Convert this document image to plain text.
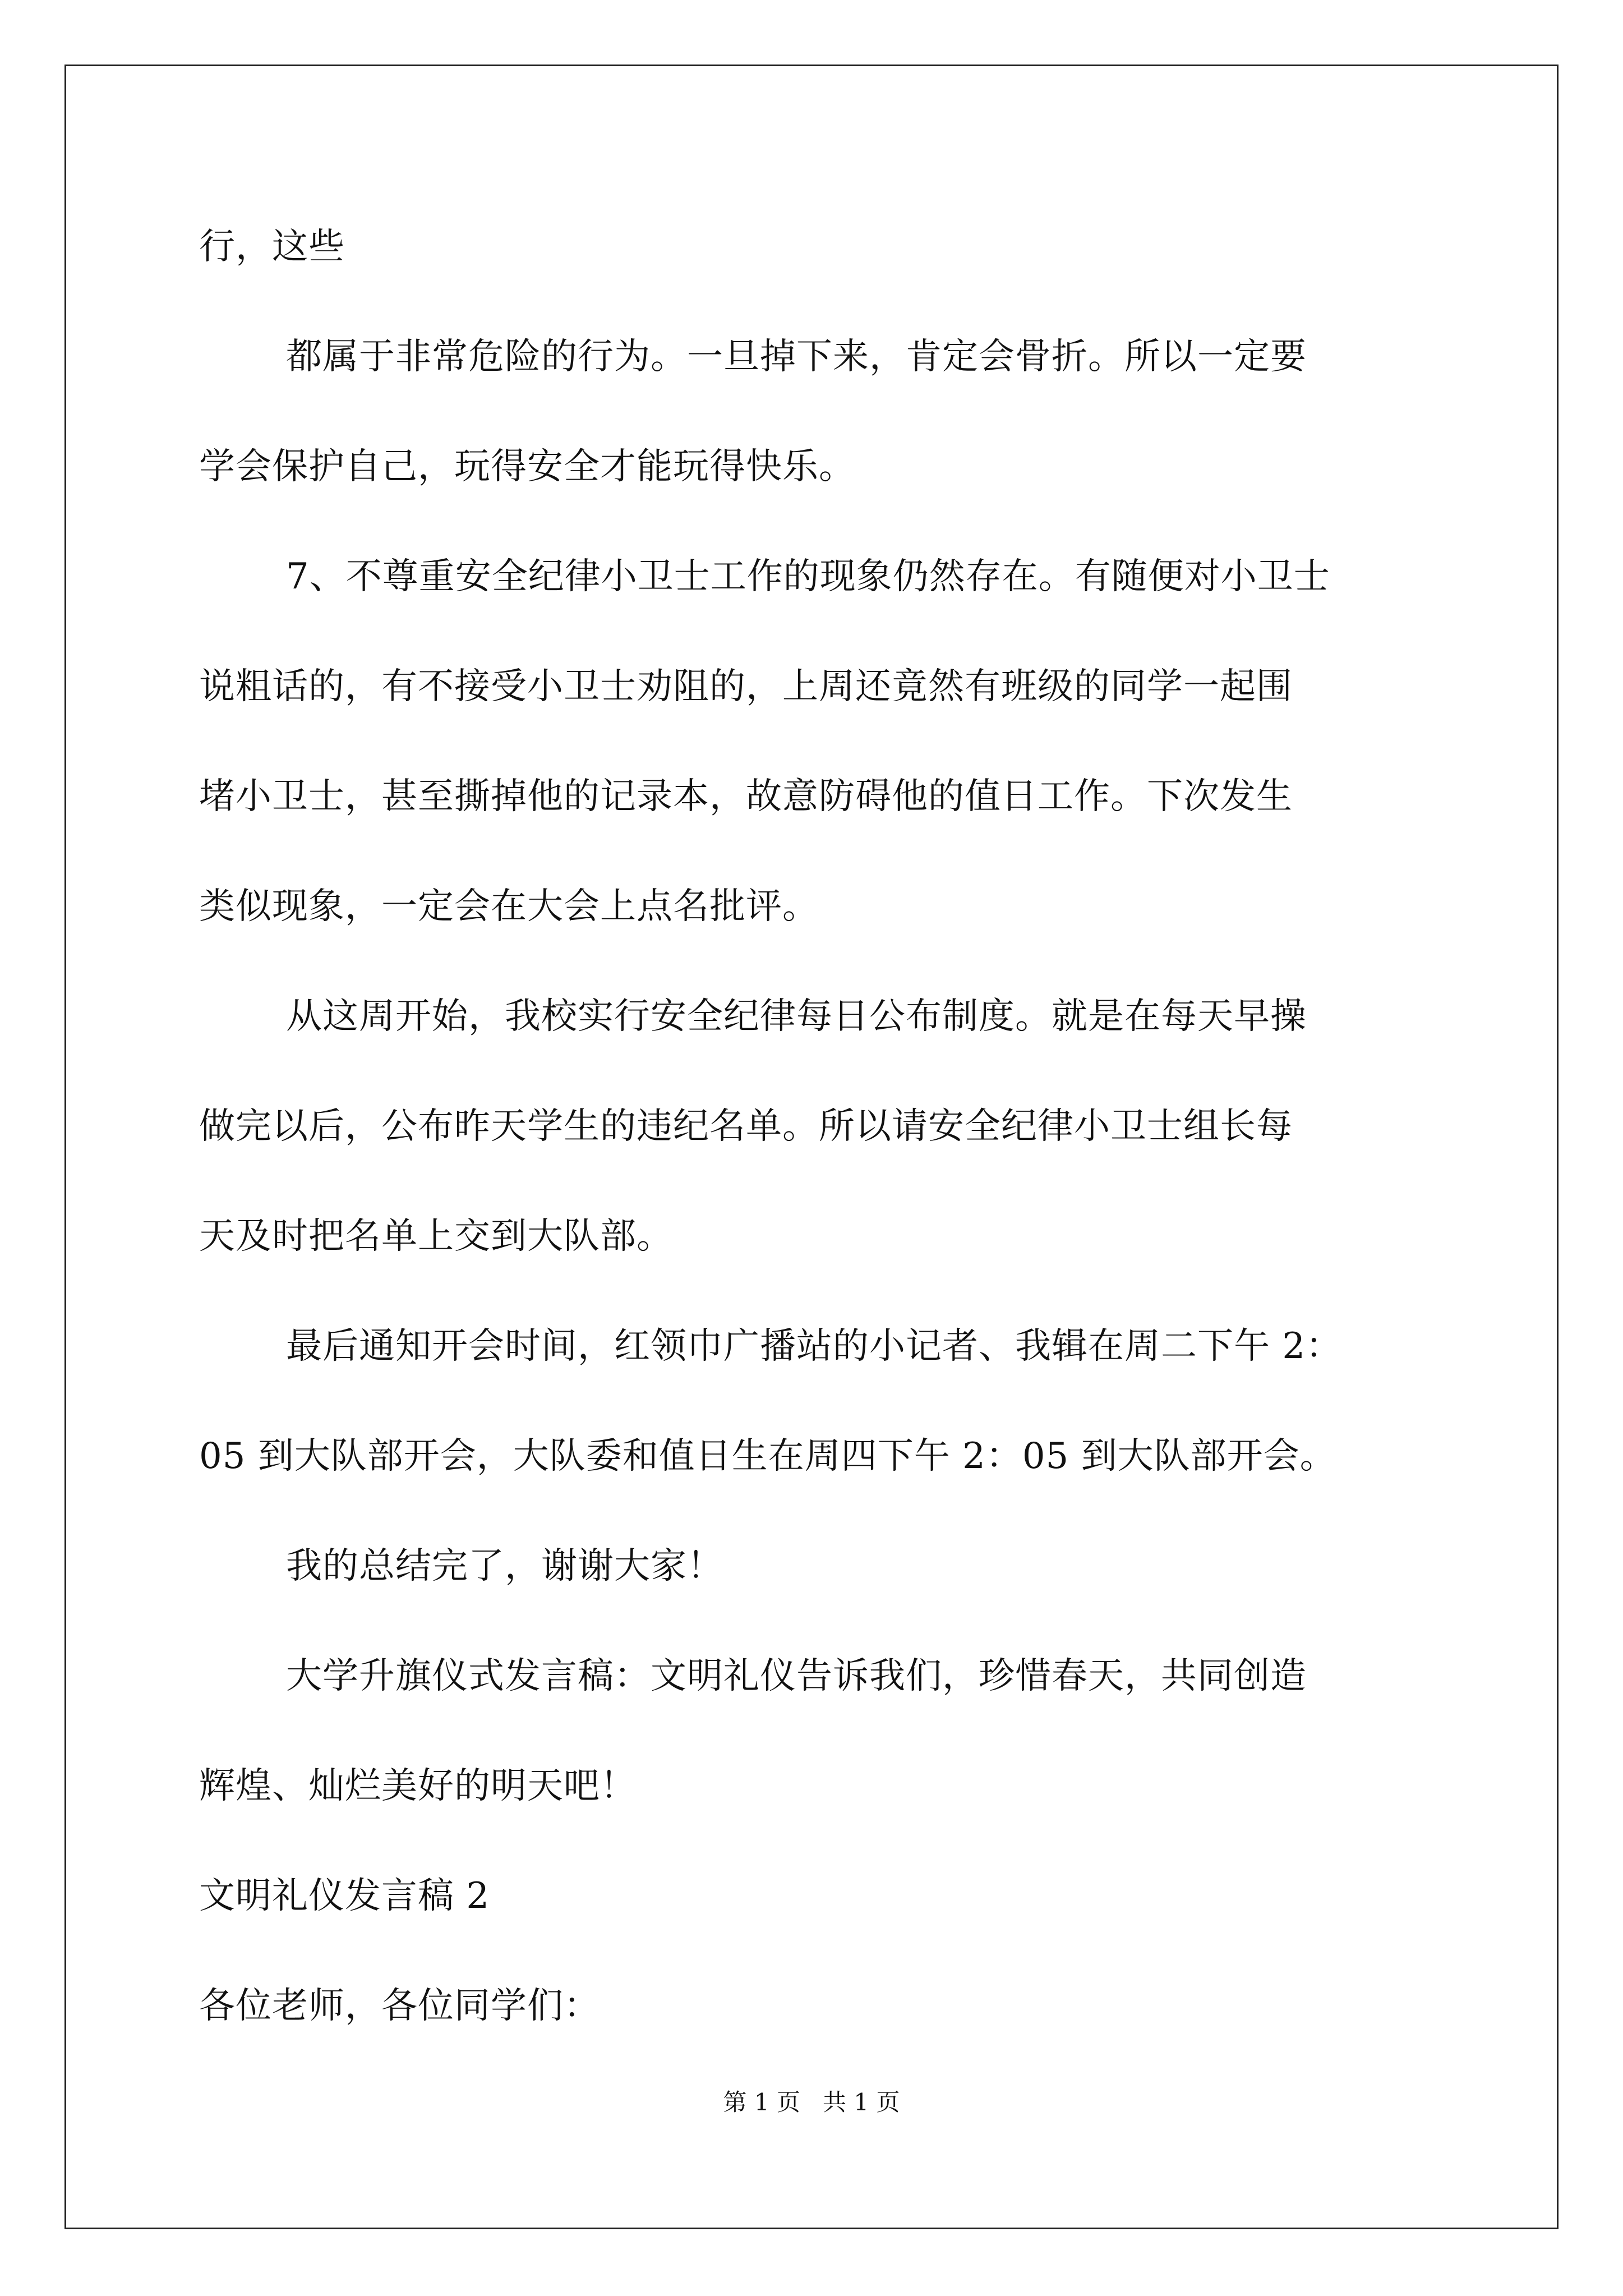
行，这些
都属于非常危险的行为。一旦掉下来，肯定会骨折。所以一定要
学会保护自己，玩得安全才能玩得快乐。
7、不尊重安全纪律小卫士工作的现象仍然存在。有随便对小卫士
说粗话的，有不接受小卫士劝阻的，上周还竟然有班级的同学一起围
堵小卫士，甚至撕掉他的记录本，故意防碍他的值日工作。下次发生
类似现象，一定会在大会上点名批评。
从这周开始，我校实行安全纪律每日公布制度。就是在每天早操
做完以后，公布昨天学生的违纪名单。所以请安全纪律小卫士组长每
天及时把名单上交到大队部。
最后通知开会时间，红领巾广播站的小记者、我辑在周二下午 2：
05 到大队部开会，大队委和值日生在周四下午 2：05 到大队部开会。
我的总结完了，谢谢大家！
大学升旗仪式发言稿：文明礼仪告诉我们，珍惜春天，共同创造
辉煌、灿烂美好的明天吧！
文明礼仪发言稿 2
各位老师，各位同学们：
第 1 页   共 1 页
